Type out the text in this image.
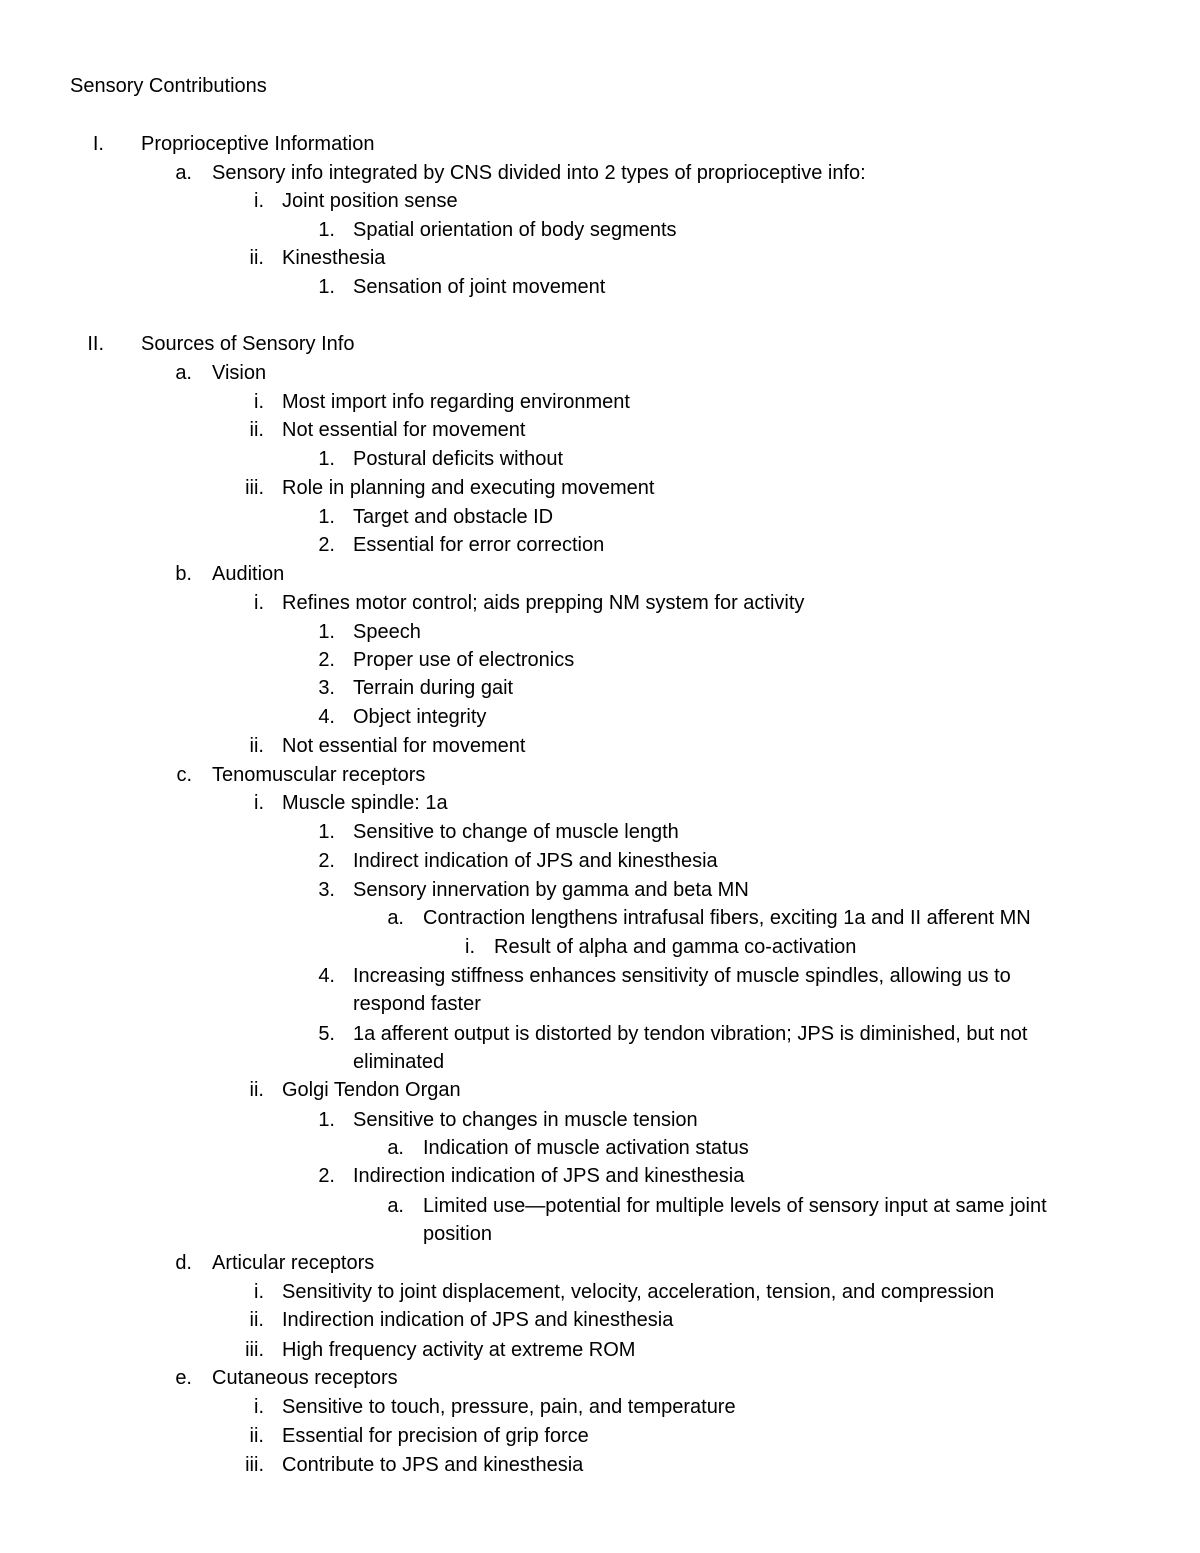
Sensory Contributions
I. Proprioceptive Information
a. Sensory info integrated by CNS divided into 2 types of proprioceptive info:
i. Joint position sense
1. Spatial orientation of body segments
ii. Kinesthesia
1. Sensation of joint movement
II. Sources of Sensory Info
a. Vision
i. Most import info regarding environment
ii. Not essential for movement
1. Postural deficits without
iii. Role in planning and executing movement
1. Target and obstacle ID
2. Essential for error correction
b. Audition
i. Refines motor control; aids prepping NM system for activity
1. Speech
2. Proper use of electronics
3. Terrain during gait
4. Object integrity
ii. Not essential for movement
c. Tenomuscular receptors
i. Muscle spindle: 1a
1. Sensitive to change of muscle length
2. Indirect indication of JPS and kinesthesia
3. Sensory innervation by gamma and beta MN
a. Contraction lengthens intrafusal fibers, exciting 1a and II afferent MN
i. Result of alpha and gamma co-activation
4. Increasing stiffness enhances sensitivity of muscle spindles, allowing us to
respond faster
5. 1a afferent output is distorted by tendon vibration; JPS is diminished, but not
eliminated
ii. Golgi Tendon Organ
1. Sensitive to changes in muscle tension
a. Indication of muscle activation status
2. Indirection indication of JPS and kinesthesia
a. Limited use—potential for multiple levels of sensory input at same joint
position
d. Articular receptors
i. Sensitivity to joint displacement, velocity, acceleration, tension, and compression
ii. Indirection indication of JPS and kinesthesia
iii. High frequency activity at extreme ROM
e. Cutaneous receptors
i. Sensitive to touch, pressure, pain, and temperature
ii. Essential for precision of grip force
iii. Contribute to JPS and kinesthesia
